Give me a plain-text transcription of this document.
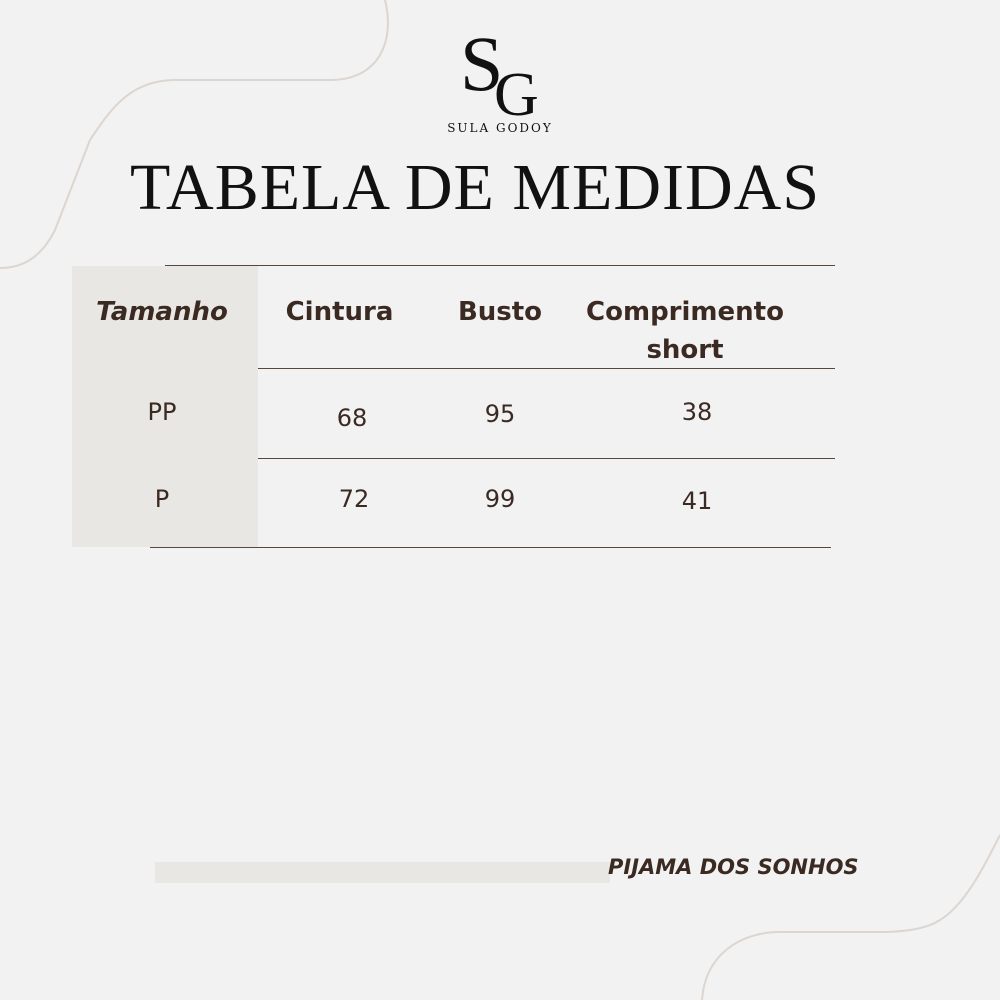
S
G
SULA GODOY
TABELA DE MEDIDAS
Tamanho	Cintura	Busto	Comprimento
short
PP	68	95	38
P	72	99	41
PIJAMA DOS SONHOS
